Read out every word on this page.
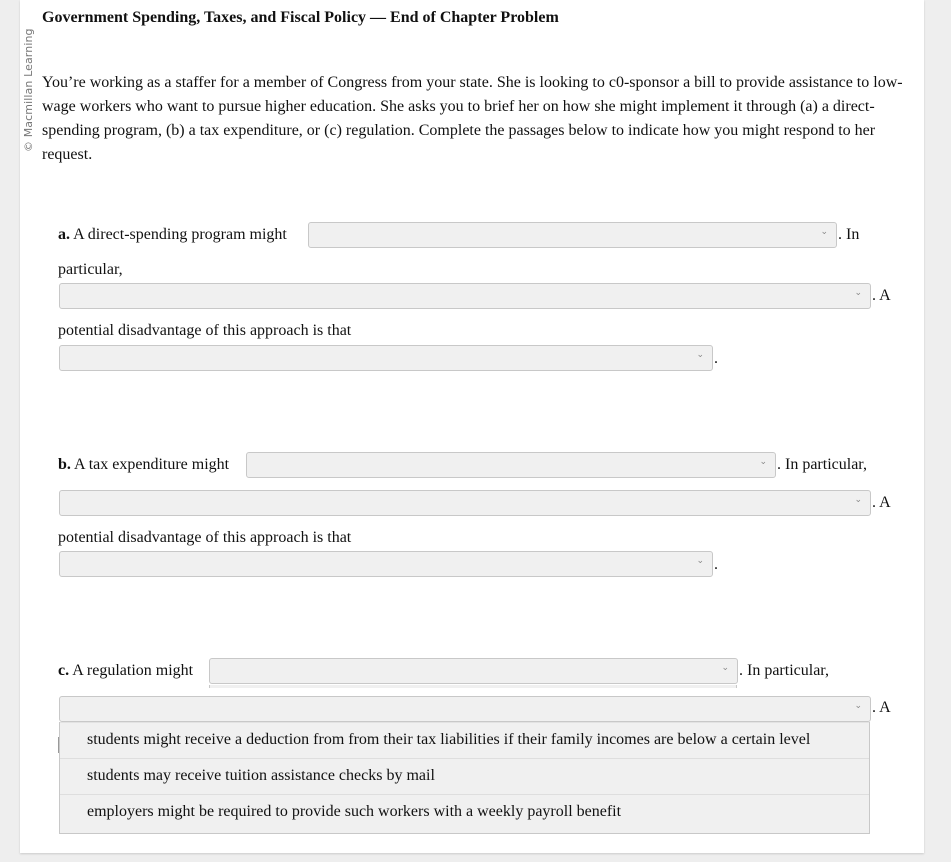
© Macmillan Learning
Government Spending, Taxes, and Fiscal Policy — End of Chapter Problem
You’re working as a staffer for a member of Congress from your state. She is looking to c0-sponsor a bill to provide assistance to low-wage workers who want to pursue higher education. She asks you to brief her on how she might implement it through (a) a direct-spending program, (b) a tax expenditure, or (c) regulation. Complete the passages below to indicate how you might respond to her request.
a. A direct-spending program might	⌄ . In
particular,
⌄ . A
potential disadvantage of this approach is that
⌄ .
b. A tax expenditure might	⌄ . In particular,
⌄ . A
potential disadvantage of this approach is that
⌄ .
c. A regulation might	⌄ . In particular,
⌄ . A
students might receive a deduction from from their tax liabilities if their family incomes are below a certain level
students may receive tuition assistance checks by mail
employers might be required to provide such workers with a weekly payroll benefit
